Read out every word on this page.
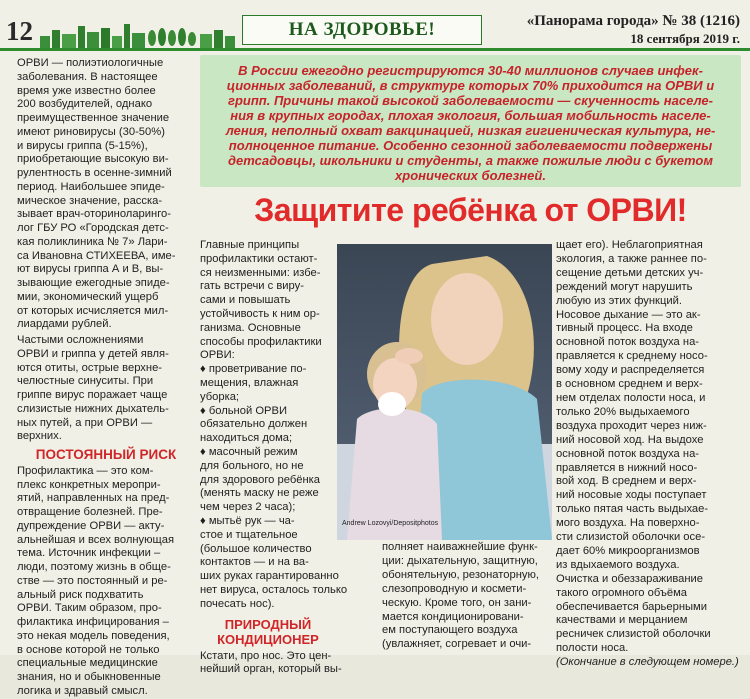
12	НА ЗДОРОВЬЕ!	«Панорама города» № 38 (1216)
18 сентября 2019 г.
ОРВИ — полиэтиологичные
заболевания. В настоящее
время уже известно более
200 возбудителей, однако
преимущественное значение
имеют риновирусы (30-50%)
и вирусы гриппа (5-15%),
приобретающие высокую ви-
рулентность в осенне-зимний
период. Наибольшее эпиде-
мическое значение, расска-
зывает врач-оториноларинго-
лог ГБУ РО «Городская детс-
кая поликлиника № 7» Лари-
са Ивановна СТИХЕЕВА, име-
ют вирусы гриппа А и В, вы-
зывающие ежегодные эпиде-
мии, экономический ущерб
от которых исчисляется мил-
лиардами рублей.
Частыми осложнениями
ОРВИ и гриппа у детей явля-
ются отиты, острые верхне-
челюстные синуситы. При
гриппе вирус поражает чаще
слизистые нижних дыхатель-
ных путей, а при ОРВИ —
верхних.
ПОСТОЯННЫЙ РИСК
Профилактика — это ком-
плекс конкретных меропри-
ятий, направленных на пред-
отвращение болезней. Пре-
дупреждение ОРВИ — акту-
альнейшая и всех волнующая
тема. Источник инфекции –
люди, поэтому жизнь в обще-
стве — это постоянный и ре-
альный риск подхватить
ОРВИ. Таким образом, про-
филактика инфицирования –
это некая модель поведения,
в основе которой не только
специальные медицинские
знания, но и обыкновенные
логика и здравый смысл.
В России ежегодно регистрируются 30-40 миллионов случаев инфек-
ционных заболеваний, в структуре которых 70% приходится на ОРВИ и
грипп. Причины такой высокой заболеваемости — скученность населе-
ния в крупных городах, плохая экология, большая мобильность населе-
ления, неполный охват вакцинацией, низкая гигиеническая культура, не-
полноценное питание. Особенно сезонной заболеваемости подвержены
детсадовцы, школьники и студенты, а также пожилые люди с букетом
хронических болезней.
Защитите ребёнка от ОРВИ!
Главные принципы
профилактики остают-
ся неизменными: избе-
гать встречи с виру-
сами и повышать
устойчивость к ним ор-
ганизма. Основные
способы профилактики
ОРВИ:
♦ проветривание по-
мещения, влажная
уборка;
♦ больной ОРВИ
обязательно должен
находиться дома;
♦ масочный режим
для больного, но не
для здорового ребёнка
(менять маску не реже
чем через 2 часа);
♦ мытьё рук — ча-
стое и тщательное
(большое количество
контактов — и на ва-
ших руках гарантированно
нет вируса, осталось только
почесать нос).
ПРИРОДНЫЙ
КОНДИЦИОНЕР
Кстати, про нос. Это цен-
нейший орган, который вы-
Andrew Lozovyi/Depositphotos
полняет наиважнейшие функ-
ции: дыхательную, защитную,
обонятельную, резонаторную,
слезопроводную и космети-
ческую. Кроме того, он зани-
мается кондиционировани-
ем поступающего воздуха
(увлажняет, согревает и очи-
щает его). Неблагоприятная
экология, а также раннее по-
сещение детьми детских уч-
реждений могут нарушить
любую из этих функций.
Носовое дыхание — это ак-
тивный процесс. На входе
основной поток воздуха на-
правляется к среднему носо-
вому ходу и распределяется
в основном среднем и верх-
нем отделах полости носа, и
только 20% выдыхаемого
воздуха проходит через ниж-
ний носовой ход. На выдохе
основной поток воздуха на-
правляется в нижний носо-
вой ход. В среднем и верх-
ний носовые ходы поступает
только пятая часть выдыхае-
мого воздуха. На поверхно-
сти слизистой оболочки осе-
дает 60% микроорганизмов
из вдыхаемого воздуха.
Очистка и обеззараживание
такого огромного объёма
обеспечивается барьерными
качествами и мерцанием
ресничек слизистой оболочки
полости носа.
(Окончание в следующем номере.)
